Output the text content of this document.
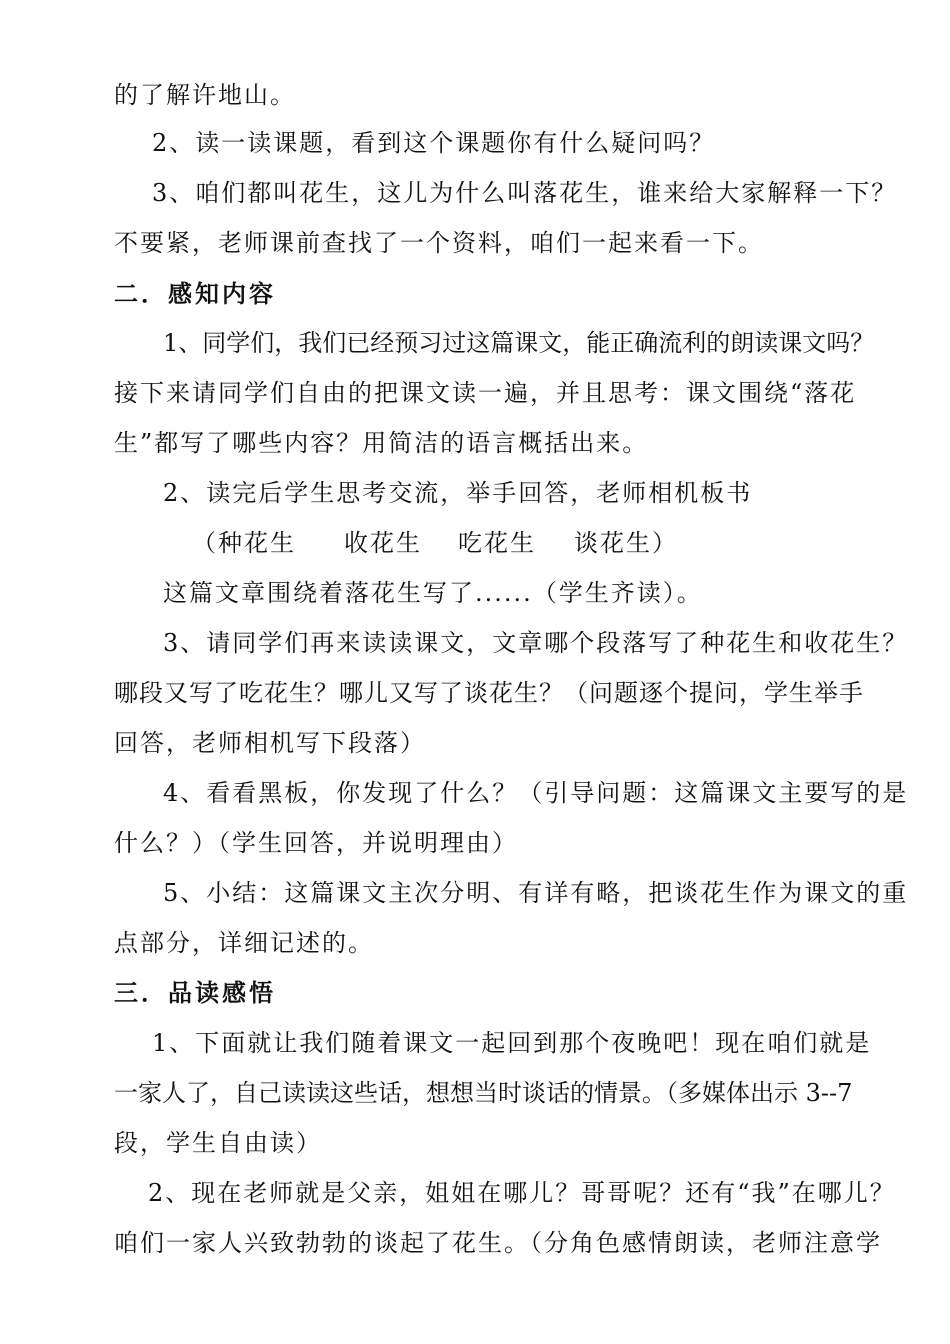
的了解许地山。
2、读一读课题，看到这个课题你有什么疑问吗？
3、咱们都叫花生，这儿为什么叫落花生，谁来给大家解释一下？
不要紧，老师课前查找了一个资料，咱们一起来看一下。
二．感知内容
1、同学们，我们已经预习过这篇课文，能正确流利的朗读课文吗？
接下来请同学们自由的把课文读一遍，并且思考：课文围绕“落花
生”都写了哪些内容？用简洁的语言概括出来。
2、读完后学生思考交流，举手回答，老师相机板书
（种花生 收花生 吃花生 谈花生）
这篇文章围绕着落花生写了......（学生齐读）。
3、请同学们再来读读课文，文章哪个段落写了种花生和收花生？
哪段又写了吃花生？哪儿又写了谈花生？（问题逐个提问，学生举手
回答，老师相机写下段落）
4、看看黑板，你发现了什么？（引导问题：这篇课文主要写的是
什么？）（学生回答，并说明理由）
5、小结：这篇课文主次分明、有详有略，把谈花生作为课文的重
点部分，详细记述的。
三．品读感悟
1、下面就让我们随着课文一起回到那个夜晚吧！现在咱们就是
一家人了，自己读读这些话，想想当时谈话的情景。（多媒体出示 3--7
段，学生自由读）
2、现在老师就是父亲，姐姐在哪儿？哥哥呢？还有“我”在哪儿？
咱们一家人兴致勃勃的谈起了花生。（分角色感情朗读，老师注意学
